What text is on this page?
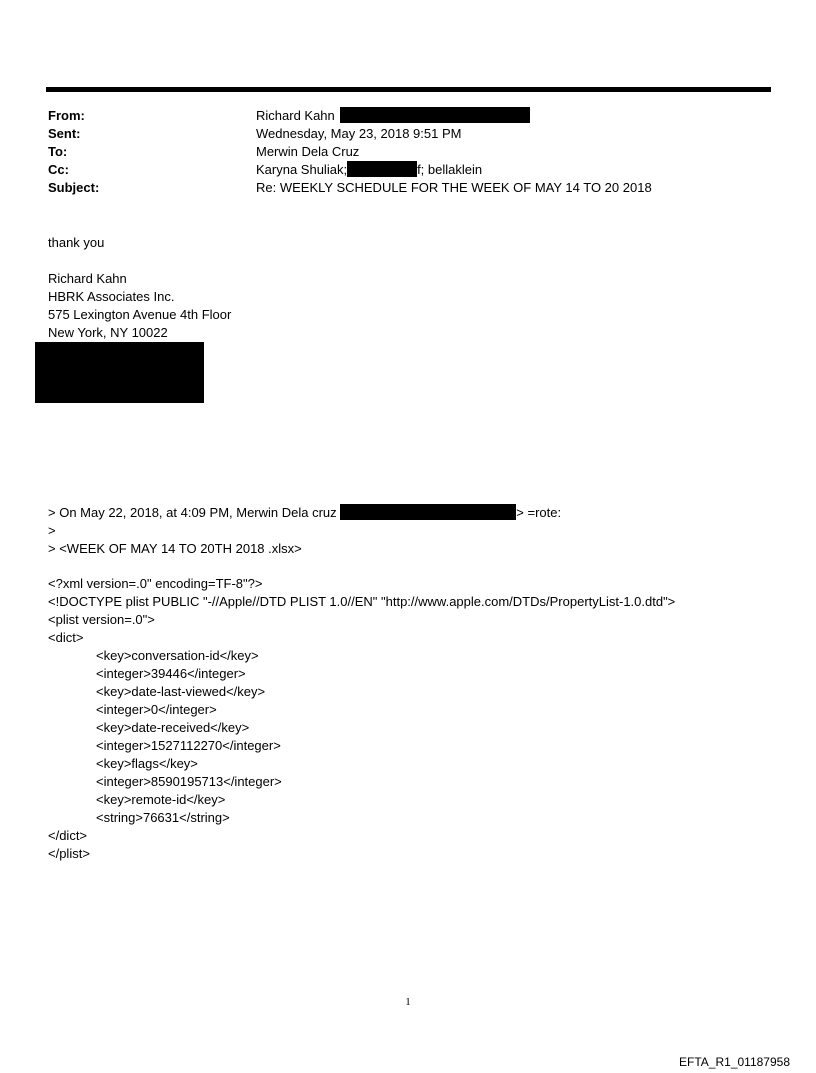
From:	Richard Kahn
Sent:	Wednesday, May 23, 2018 9:51 PM
To:	Merwin Dela Cruz
Cc:	Karyna Shuliak;	f; bellaklein
Subject:	Re: WEEKLY SCHEDULE FOR THE WEEK OF MAY 14 TO 20 2018
thank you
Richard Kahn
HBRK Associates Inc.
575 Lexington Avenue 4th Floor
New York, NY 10022
> On May 22, 2018, at 4:09 PM, Merwin Dela cruz	> =rote:
>
> <WEEK OF MAY 14 TO 20TH 2018 .xlsx>
<?xml version=.0" encoding=TF-8"?>
<!DOCTYPE plist PUBLIC "-//Apple//DTD PLIST 1.0//EN" "http://www.apple.com/DTDs/PropertyList-1.0.dtd">
<plist version=.0">
<dict>
<key>conversation-id</key>
<integer>39446</integer>
<key>date-last-viewed</key>
<integer>0</integer>
<key>date-received</key>
<integer>1527112270</integer>
<key>flags</key>
<integer>8590195713</integer>
<key>remote-id</key>
<string>76631</string>
</dict>
</plist>
1
EFTA_R1_01187958
